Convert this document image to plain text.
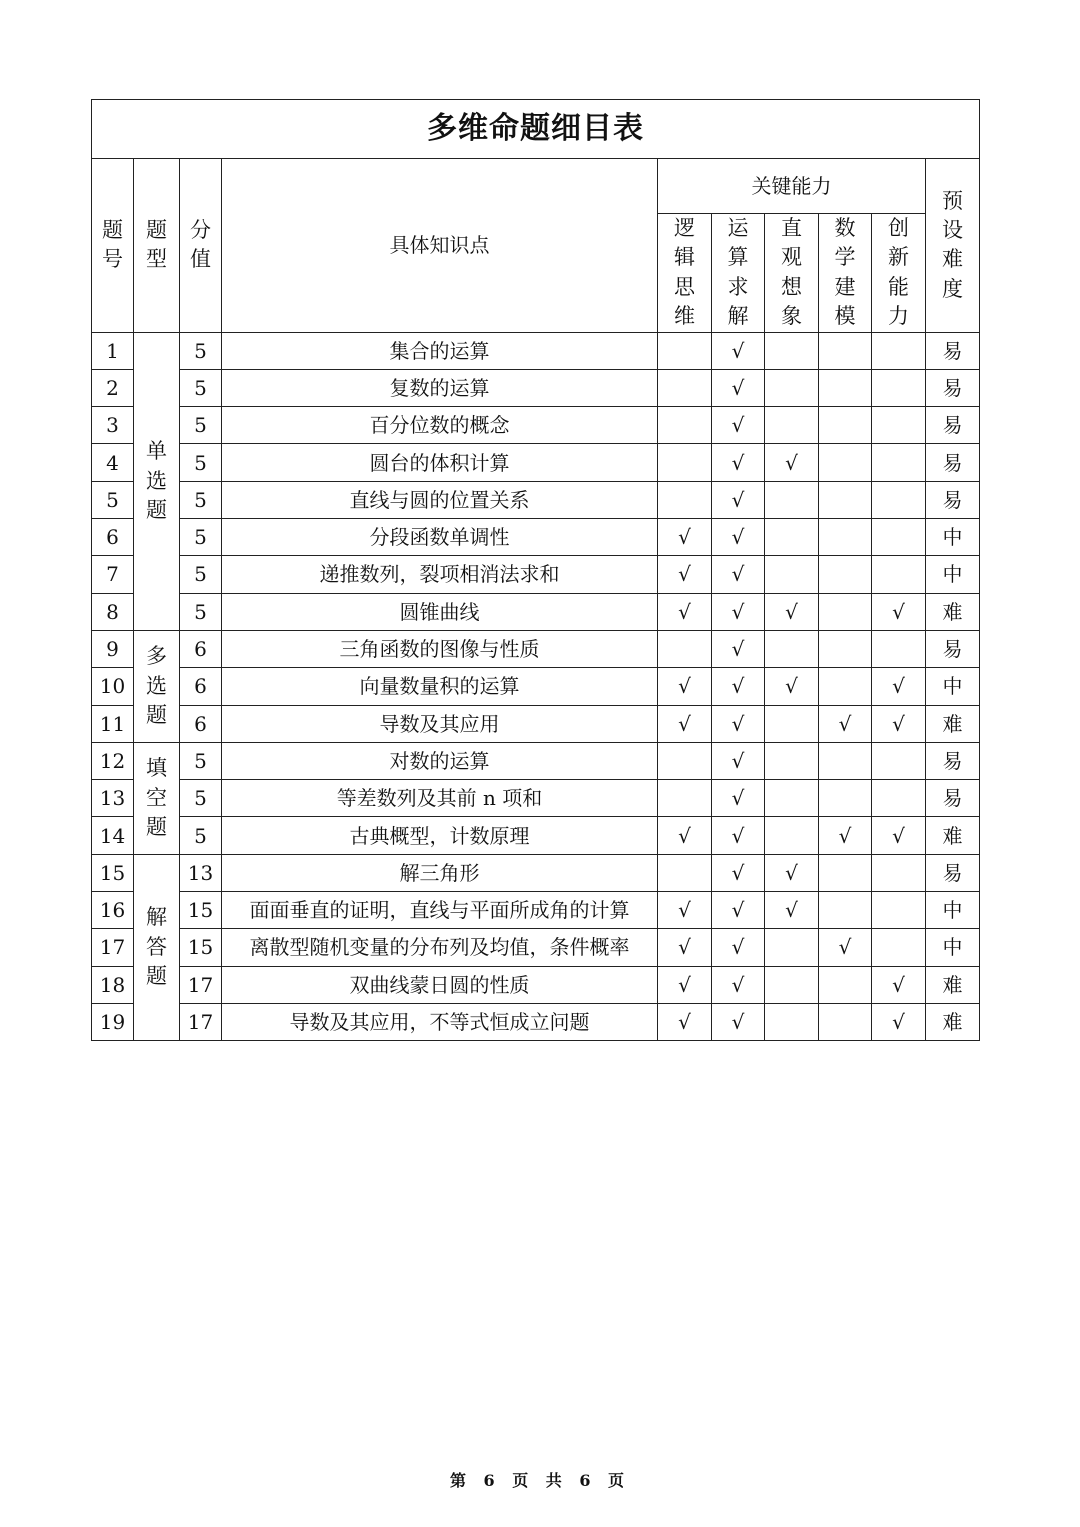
多维命题细目表									
题号	题型	分值	具体知识点	关键能力					预设难度
				逻辑思维	运算求解	直观想象	数学建模	创新能力	
1	单选题	5	集合的运算		√				易
2		5	复数的运算		√				易
3		5	百分位数的概念		√				易
4		5	圆台的体积计算		√	√			易
5		5	直线与圆的位置关系		√				易
6		5	分段函数单调性	√	√				中
7		5	递推数列，裂项相消法求和	√	√				中
8		5	圆锥曲线	√	√	√		√	难
9	多选题	6	三角函数的图像与性质		√				易
10		6	向量数量积的运算	√	√	√		√	中
11		6	导数及其应用	√	√		√	√	难
12	填空题	5	对数的运算		√				易
13		5	等差数列及其前 n 项和		√				易
14		5	古典概型，计数原理	√	√		√	√	难
15	解答题	13	解三角形		√	√			易
16		15	面面垂直的证明，直线与平面所成角的计算	√	√	√			中
17		15	离散型随机变量的分布列及均值，条件概率	√	√		√		中
18		17	双曲线蒙日圆的性质	√	√			√	难
19		17	导数及其应用，不等式恒成立问题	√	√			√	难
第 6 页 共 6 页
